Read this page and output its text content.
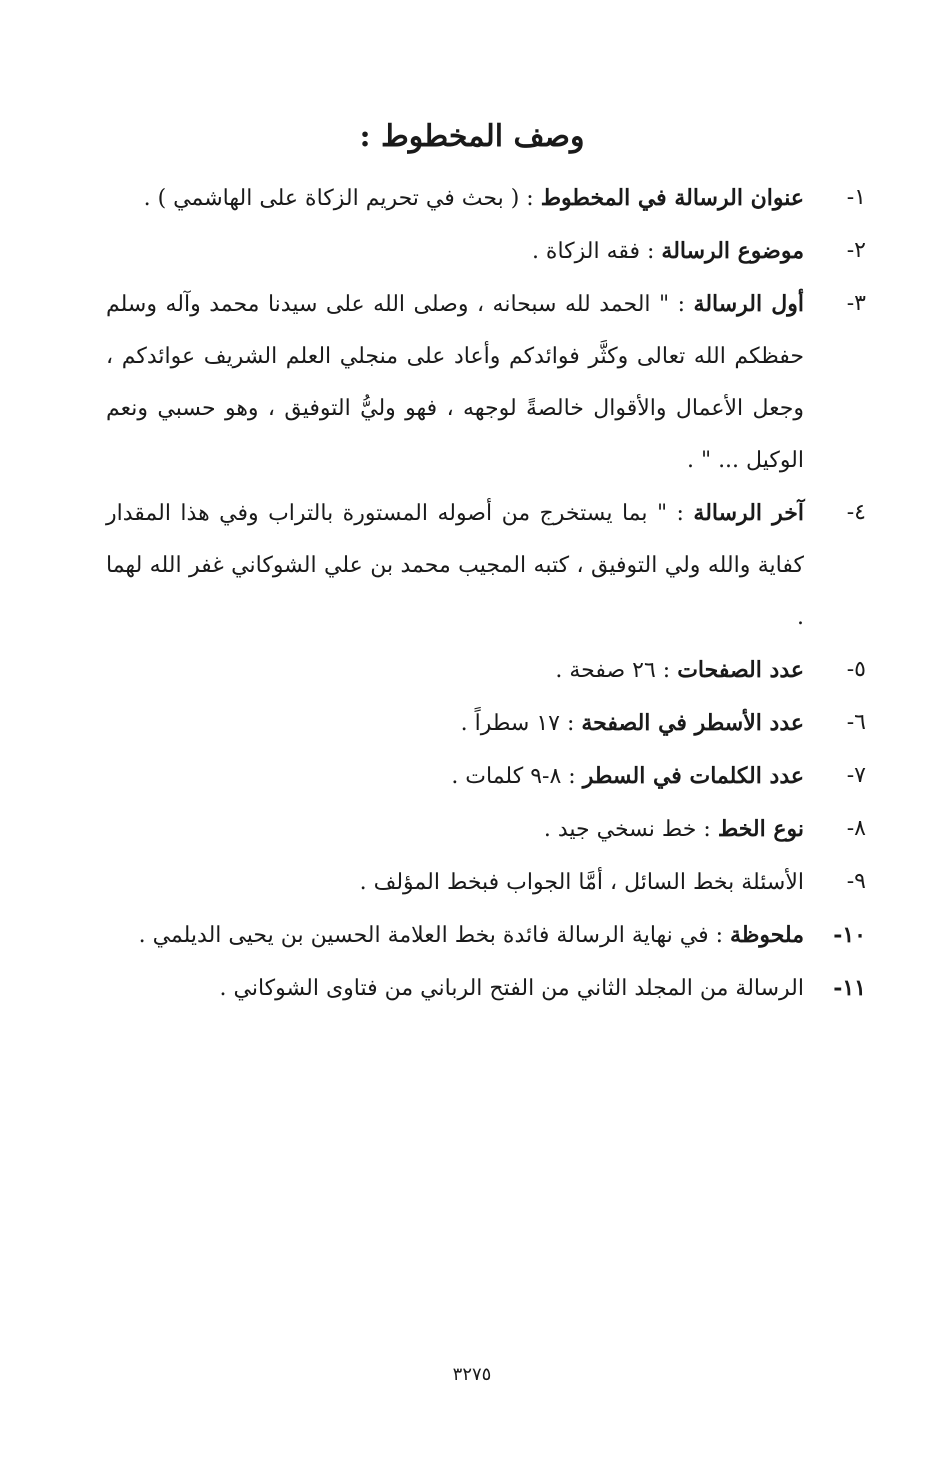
وصف المخطوط :
١-
عنوان الرسالة في المخطوط : ( بحث في تحريم الزكاة على الهاشمي ) .
٢-
موضوع الرسالة : فقه الزكاة .
٣-
أول الرسالة : " الحمد لله سبحانه ، وصلى الله على سيدنا محمد وآله وسلم حفظكم الله تعالى وكثَّر فوائدكم وأعاد على منجلي العلم الشريف عوائدكم ، وجعل الأعمال والأقوال خالصةً لوجهه ، فهو وليُّ التوفيق ، وهو حسبي ونعم الوكيل ... " .
٤-
آخر الرسالة : " بما يستخرج من أصوله المستورة بالتراب وفي هذا المقدار كفاية والله ولي التوفيق ، كتبه المجيب محمد بن علي الشوكاني غفر الله لهما .
٥-
عدد الصفحات : ٢٦ صفحة .
٦-
عدد الأسطر في الصفحة : ١٧ سطراً .
٧-
عدد الكلمات في السطر : ٨-٩ كلمات .
٨-
نوع الخط : خط نسخي جيد .
٩-
الأسئلة بخط السائل ، أمَّا الجواب فبخط المؤلف .
١٠-
ملحوظة : في نهاية الرسالة فائدة بخط العلامة الحسين بن يحيى الديلمي .
١١-
الرسالة من المجلد الثاني من الفتح الرباني من فتاوى الشوكاني .
٣٢٧٥
